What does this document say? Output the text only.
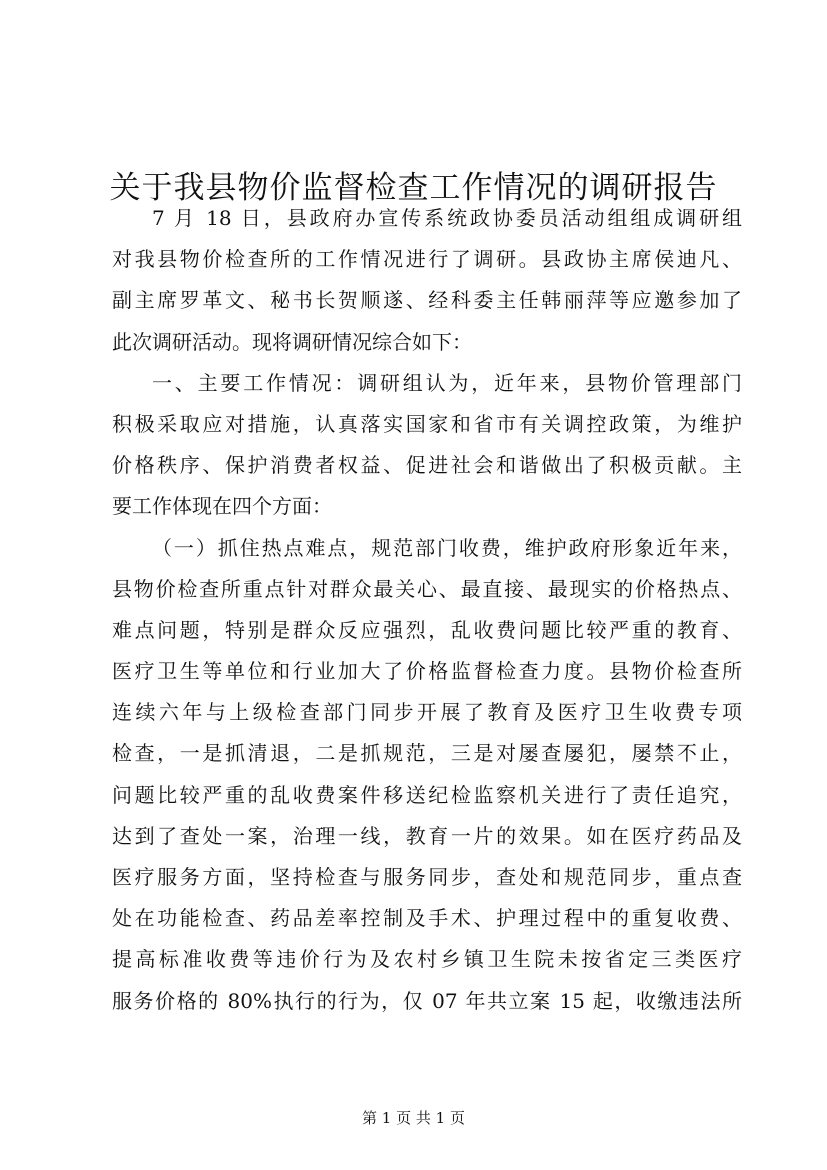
关于我县物价监督检查工作情况的调研报告
7 月 18 日，县政府办宣传系统政协委员活动组组成调研组
对我县物价检查所的工作情况进行了调研。县政协主席侯迪凡、
副主席罗革文、秘书长贺顺遂、经科委主任韩丽萍等应邀参加了
此次调研活动。现将调研情况综合如下：
一、主要工作情况：调研组认为，近年来，县物价管理部门
积极采取应对措施，认真落实国家和省市有关调控政策，为维护
价格秩序、保护消费者权益、促进社会和谐做出了积极贡献。主
要工作体现在四个方面：
（一）抓住热点难点，规范部门收费，维护政府形象近年来，
县物价检查所重点针对群众最关心、最直接、最现实的价格热点、
难点问题，特别是群众反应强烈，乱收费问题比较严重的教育、
医疗卫生等单位和行业加大了价格监督检查力度。县物价检查所
连续六年与上级检查部门同步开展了教育及医疗卫生收费专项
检查，一是抓清退，二是抓规范，三是对屡查屡犯，屡禁不止，
问题比较严重的乱收费案件移送纪检监察机关进行了责任追究，
达到了查处一案，治理一线，教育一片的效果。如在医疗药品及
医疗服务方面，坚持检查与服务同步，查处和规范同步，重点查
处在功能检查、药品差率控制及手术、护理过程中的重复收费、
提高标准收费等违价行为及农村乡镇卫生院未按省定三类医疗
服务价格的 80%执行的行为，仅 07 年共立案 15 起，收缴违法所
第 1 页 共 1 页
